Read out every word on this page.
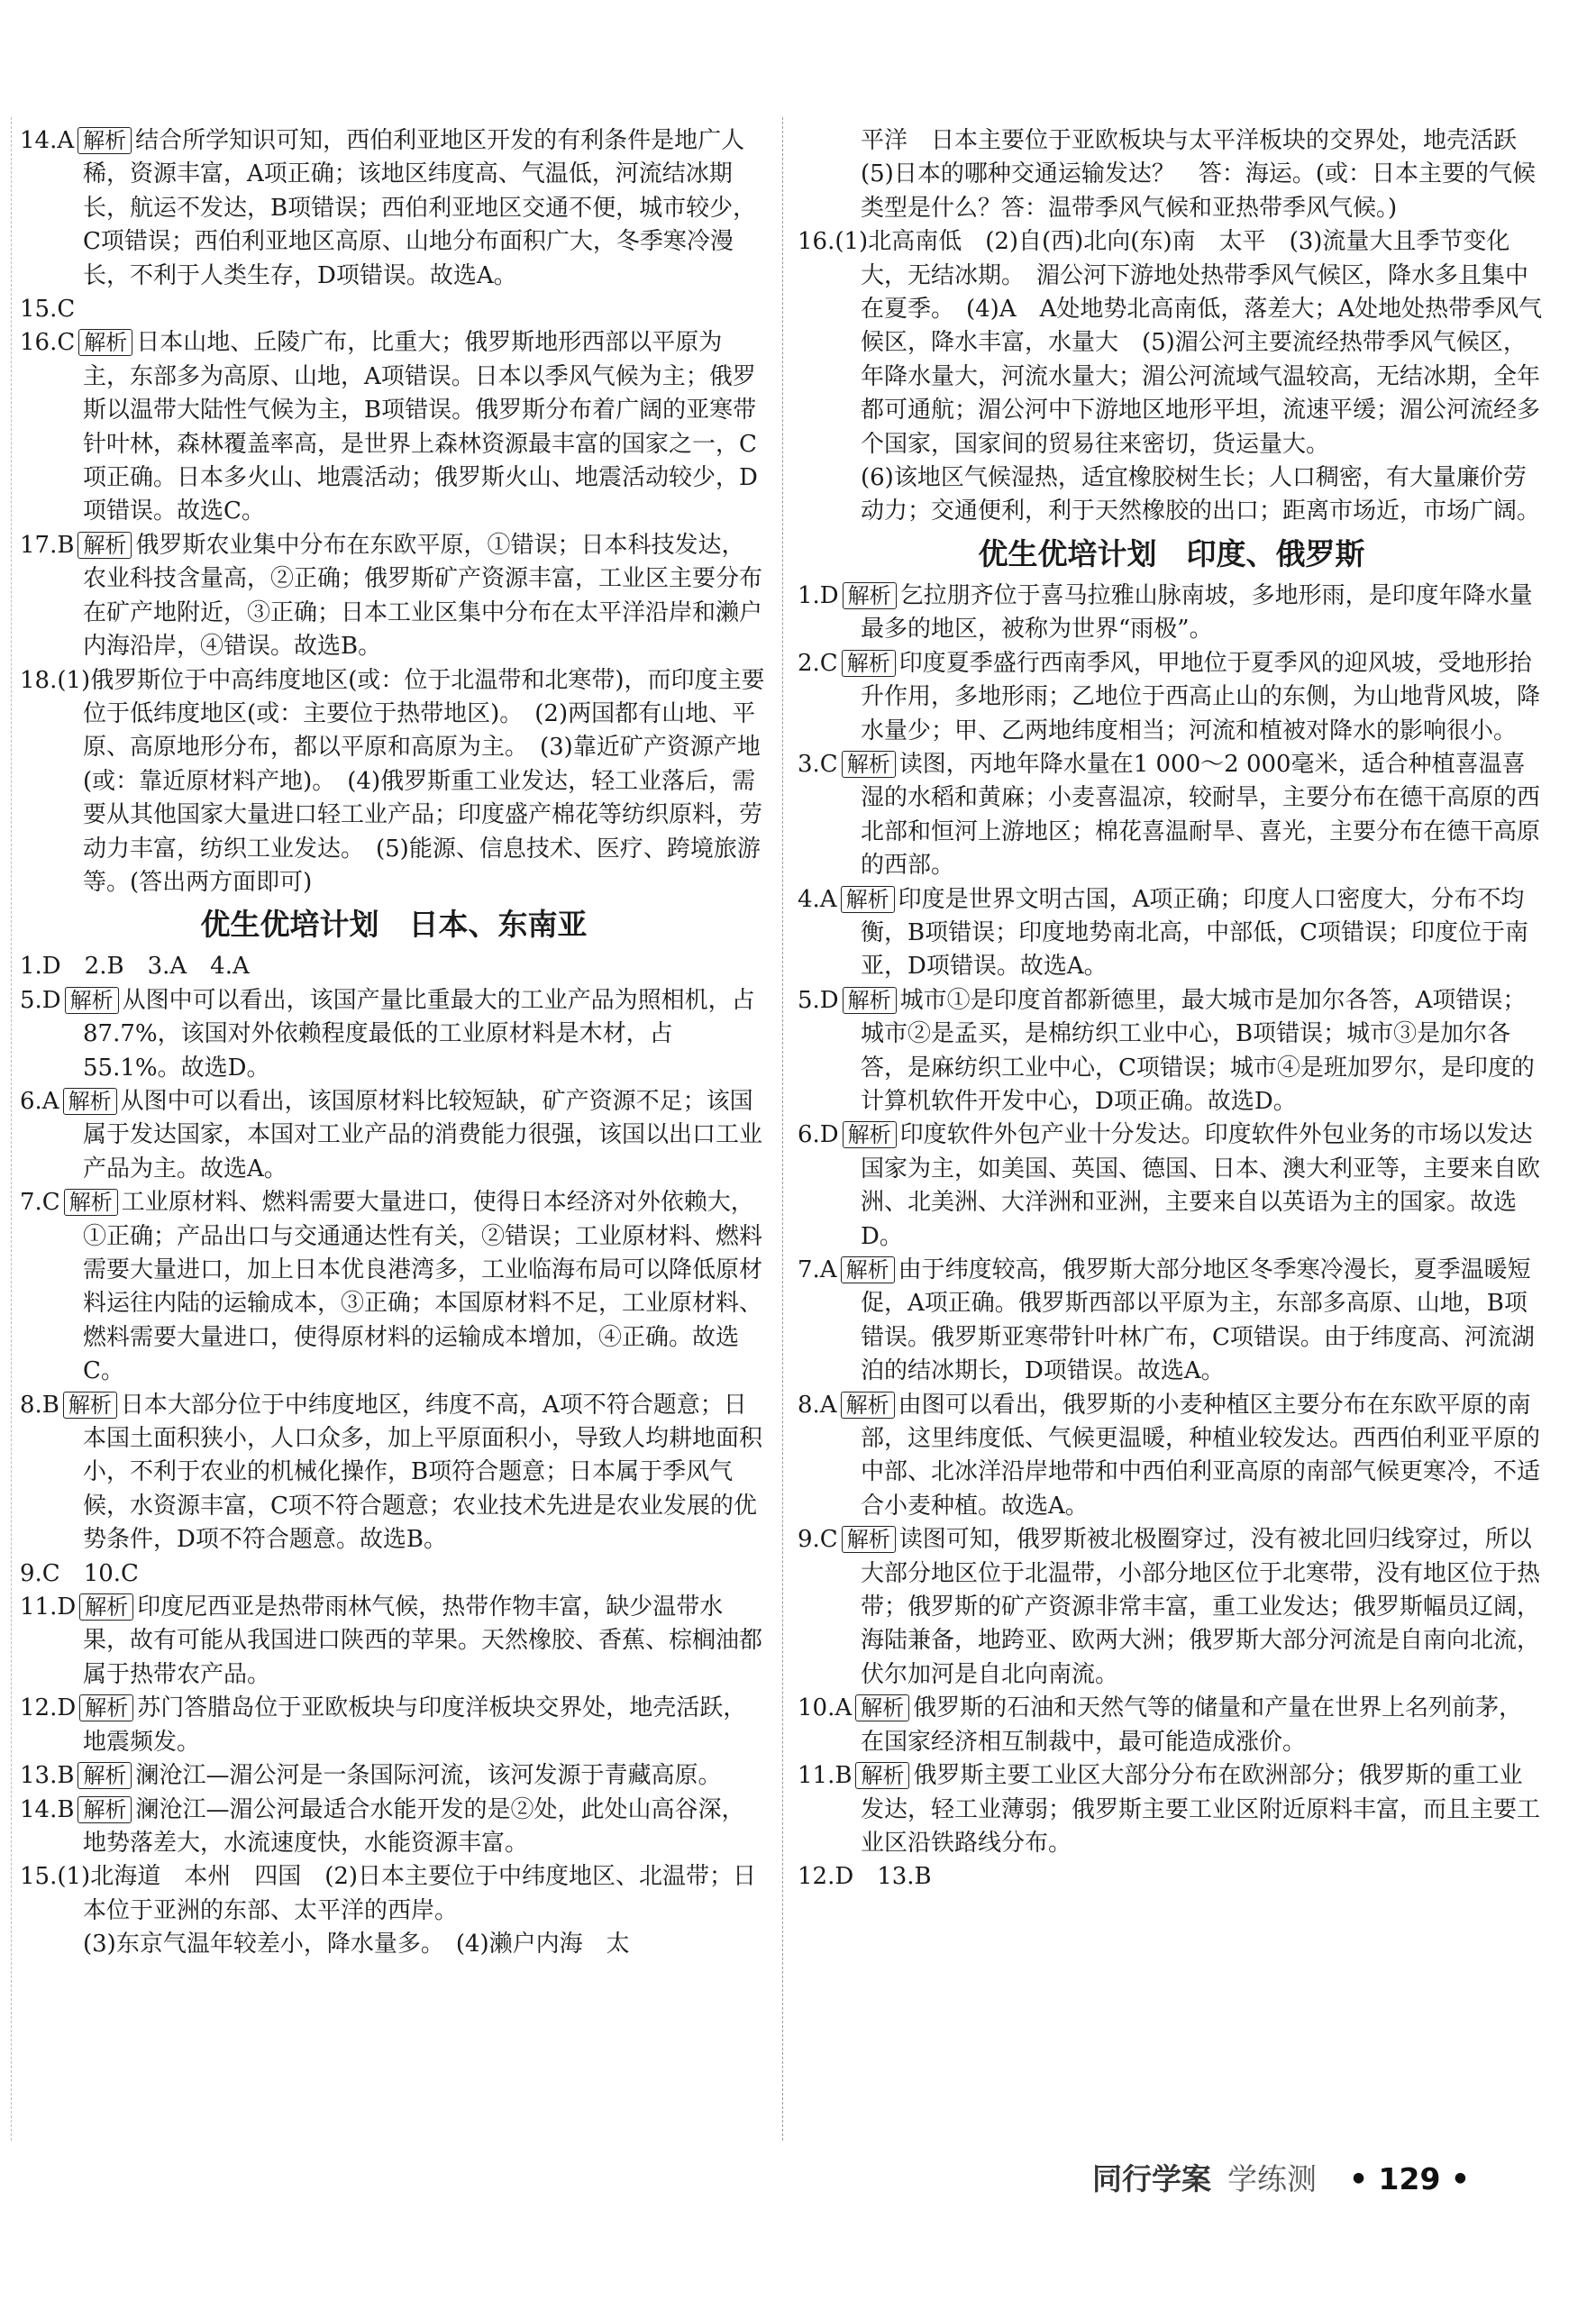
14.A 解析 结合所学知识可知，西伯利亚地区开发的有利条件是地广人稀，资源丰富，A项正确；该地区纬度高、气温低，河流结冰期长，航运不发达，B项错误；西伯利亚地区交通不便，城市较少，C项错误；西伯利亚地区高原、山地分布面积广大，冬季寒冷漫长，不利于人类生存，D项错误。故选A。

15.C

16.C 解析 日本山地、丘陵广布，比重大；俄罗斯地形西部以平原为主，东部多为高原、山地，A项错误。日本以季风气候为主；俄罗斯以温带大陆性气候为主，B项错误。俄罗斯分布着广阔的亚寒带针叶林，森林覆盖率高，是世界上森林资源最丰富的国家之一，C项正确。日本多火山、地震活动；俄罗斯火山、地震活动较少，D项错误。故选C。

17.B 解析 俄罗斯农业集中分布在东欧平原，①错误；日本科技发达，农业科技含量高，②正确；俄罗斯矿产资源丰富，工业区主要分布在矿产地附近，③正确；日本工业区集中分布在太平洋沿岸和濑户内海沿岸，④错误。故选B。

18.(1)俄罗斯位于中高纬度地区(或：位于北温带和北寒带)，而印度主要位于低纬度地区(或：主要位于热带地区)。　(2)两国都有山地、平原、高原地形分布，都以平原和高原为主。　(3)靠近矿产资源产地(或：靠近原材料产地)。　(4)俄罗斯重工业发达，轻工业落后，需要从其他国家大量进口轻工业产品；印度盛产棉花等纺织原料，劳动力丰富，纺织工业发达。　(5)能源、信息技术、医疗、跨境旅游等。(答出两方面即可)

优生优培计划　日本、东南亚

1.D　2.B　3.A　4.A

5.D 解析 从图中可以看出，该国产量比重最大的工业产品为照相机，占87.7%，该国对外依赖程度最低的工业原材料是木材，占55.1%。故选D。

6.A 解析 从图中可以看出，该国原材料比较短缺，矿产资源不足；该国属于发达国家，本国对工业产品的消费能力很强，该国以出口工业产品为主。故选A。

7.C 解析 工业原材料、燃料需要大量进口，使得日本经济对外依赖大，①正确；产品出口与交通通达性有关，②错误；工业原材料、燃料需要大量进口，加上日本优良港湾多，工业临海布局可以降低原材料运往内陆的运输成本，③正确；本国原材料不足，工业原材料、燃料需要大量进口，使得原材料的运输成本增加，④正确。故选C。

8.B 解析 日本大部分位于中纬度地区，纬度不高，A项不符合题意；日本国土面积狭小，人口众多，加上平原面积小，导致人均耕地面积小，不利于农业的机械化操作，B项符合题意；日本属于季风气候，水资源丰富，C项不符合题意；农业技术先进是农业发展的优势条件，D项不符合题意。故选B。

9.C　10.C

11.D 解析 印度尼西亚是热带雨林气候，热带作物丰富，缺少温带水果，故有可能从我国进口陕西的苹果。天然橡胶、香蕉、棕榈油都属于热带农产品。

12.D 解析 苏门答腊岛位于亚欧板块与印度洋板块交界处，地壳活跃，地震频发。

13.B 解析 澜沧江—湄公河是一条国际河流，该河发源于青藏高原。

14.B 解析 澜沧江—湄公河最适合水能开发的是②处，此处山高谷深，地势落差大，水流速度快，水能资源丰富。

15.(1)北海道　本州　四国　(2)日本主要位于中纬度地区、北温带；日本位于亚洲的东部、太平洋的西岸。

(3)东京气温年较差小，降水量多。　(4)濑户内海　太

平洋　日本主要位于亚欧板块与太平洋板块的交界处，地壳活跃　(5)日本的哪种交通运输发达？　答：海运。(或：日本主要的气候类型是什么？答：温带季风气候和亚热带季风气候。)

16.(1)北高南低　(2)自(西)北向(东)南　太平　(3)流量大且季节变化大，无结冰期。　湄公河下游地处热带季风气候区，降水多且集中在夏季。　(4)A　A处地势北高南低，落差大；A处地处热带季风气候区，降水丰富，水量大　(5)湄公河主要流经热带季风气候区，年降水量大，河流水量大；湄公河流域气温较高，无结冰期，全年都可通航；湄公河中下游地区地形平坦，流速平缓；湄公河流经多个国家，国家间的贸易往来密切，货运量大。

(6)该地区气候湿热，适宜橡胶树生长；人口稠密，有大量廉价劳动力；交通便利，利于天然橡胶的出口；距离市场近，市场广阔。

优生优培计划　印度、俄罗斯

1.D 解析 乞拉朋齐位于喜马拉雅山脉南坡，多地形雨，是印度年降水量最多的地区，被称为世界“雨极”。

2.C 解析 印度夏季盛行西南季风，甲地位于夏季风的迎风坡，受地形抬升作用，多地形雨；乙地位于西高止山的东侧，为山地背风坡，降水量少；甲、乙两地纬度相当；河流和植被对降水的影响很小。

3.C 解析 读图，丙地年降水量在1 000～2 000毫米，适合种植喜温喜湿的水稻和黄麻；小麦喜温凉，较耐旱，主要分布在德干高原的西北部和恒河上游地区；棉花喜温耐旱、喜光，主要分布在德干高原的西部。

4.A 解析 印度是世界文明古国，A项正确；印度人口密度大，分布不均衡，B项错误；印度地势南北高，中部低，C项错误；印度位于南亚，D项错误。故选A。

5.D 解析 城市①是印度首都新德里，最大城市是加尔各答，A项错误；城市②是孟买，是棉纺织工业中心，B项错误；城市③是加尔各答，是麻纺织工业中心，C项错误；城市④是班加罗尔，是印度的计算机软件开发中心，D项正确。故选D。

6.D 解析 印度软件外包产业十分发达。印度软件外包业务的市场以发达国家为主，如美国、英国、德国、日本、澳大利亚等，主要来自欧洲、北美洲、大洋洲和亚洲，主要来自以英语为主的国家。故选D。

7.A 解析 由于纬度较高，俄罗斯大部分地区冬季寒冷漫长，夏季温暖短促，A项正确。俄罗斯西部以平原为主，东部多高原、山地，B项错误。俄罗斯亚寒带针叶林广布，C项错误。由于纬度高、河流湖泊的结冰期长，D项错误。故选A。

8.A 解析 由图可以看出，俄罗斯的小麦种植区主要分布在东欧平原的南部，这里纬度低、气候更温暖，种植业较发达。西西伯利亚平原的中部、北冰洋沿岸地带和中西伯利亚高原的南部气候更寒冷，不适合小麦种植。故选A。

9.C 解析 读图可知，俄罗斯被北极圈穿过，没有被北回归线穿过，所以大部分地区位于北温带，小部分地区位于北寒带，没有地区位于热带；俄罗斯的矿产资源非常丰富，重工业发达；俄罗斯幅员辽阔，海陆兼备，地跨亚、欧两大洲；俄罗斯大部分河流是自南向北流，伏尔加河是自北向南流。

10.A 解析 俄罗斯的石油和天然气等的储量和产量在世界上名列前茅，在国家经济相互制裁中，最可能造成涨价。

11.B 解析 俄罗斯主要工业区大部分分布在欧洲部分；俄罗斯的重工业发达，轻工业薄弱；俄罗斯主要工业区附近原料丰富，而且主要工业区沿铁路线分布。

12.D　13.B

同行学案 学练测 • 129 •
